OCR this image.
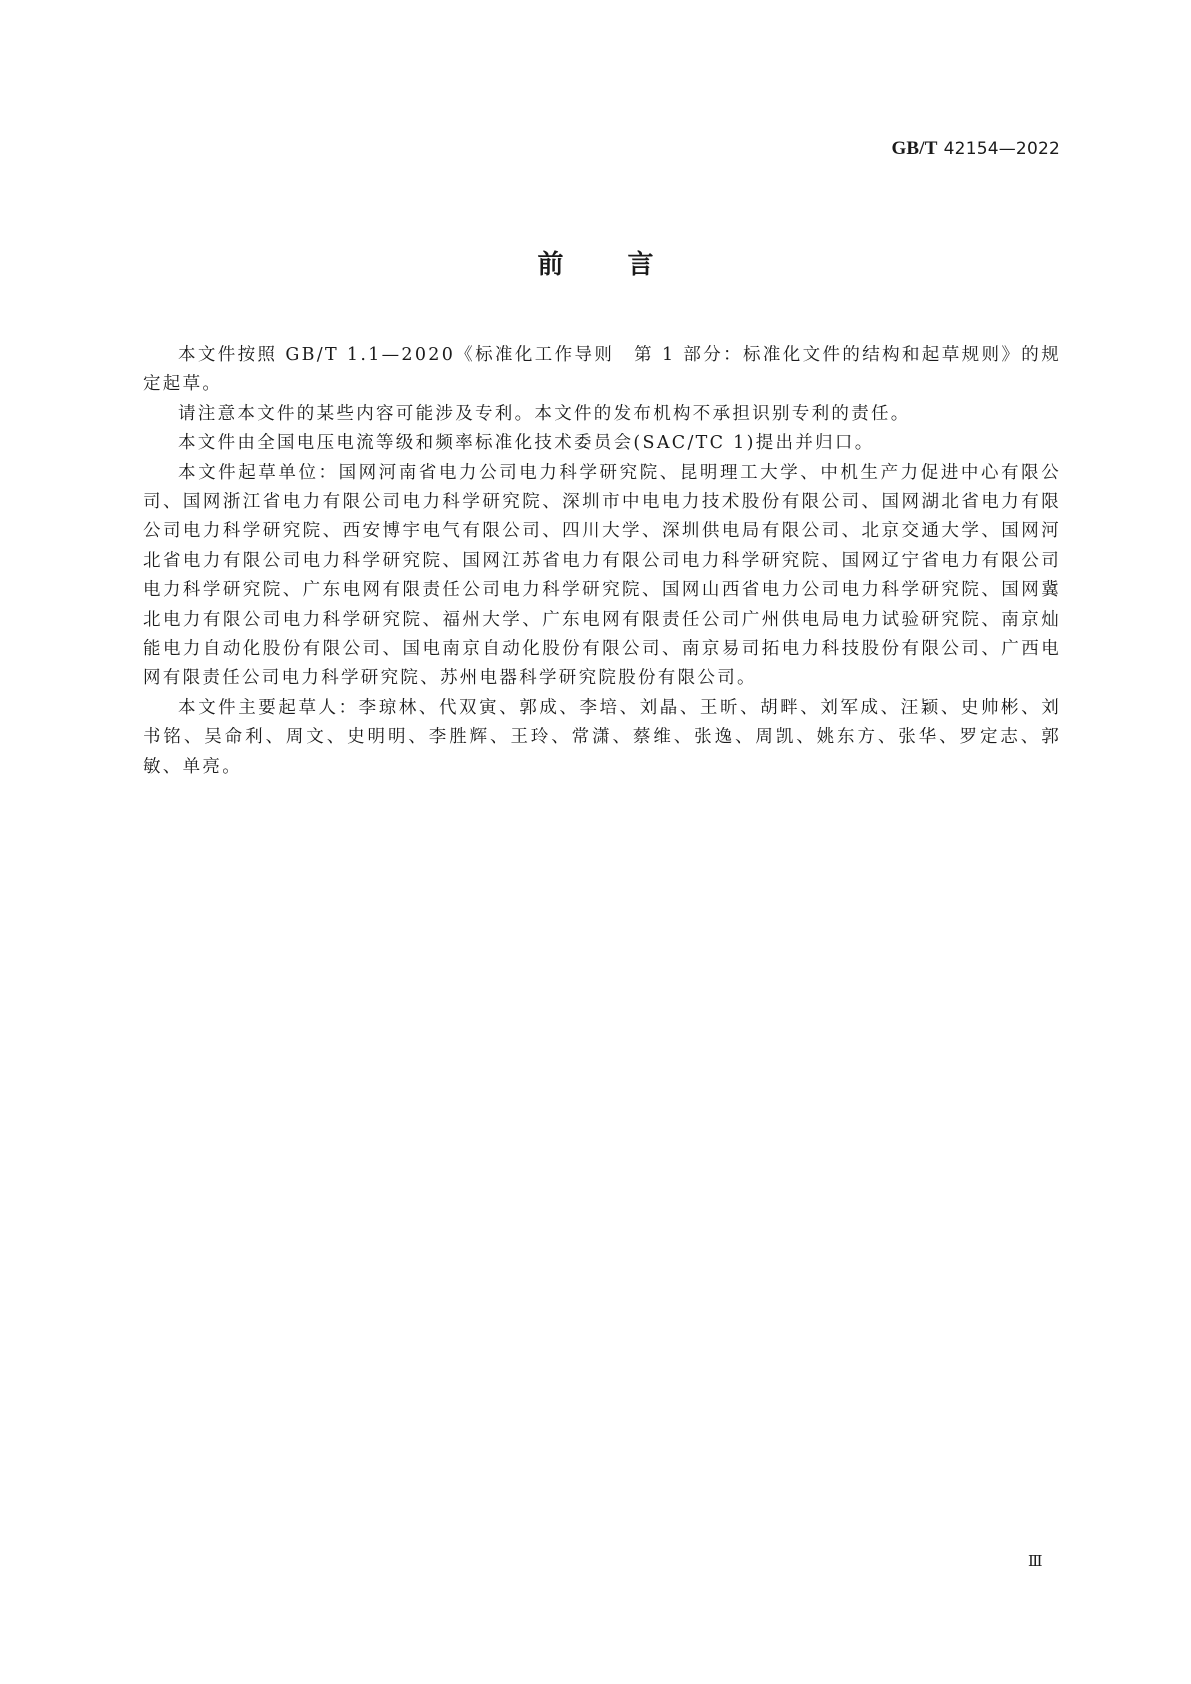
GB/T 42154—2022
前 言

本文件按照 GB/T 1.1—2020《标准化工作导则　第 1 部分：标准化文件的结构和起草规则》的规定起草。

请注意本文件的某些内容可能涉及专利。本文件的发布机构不承担识别专利的责任。

本文件由全国电压电流等级和频率标准化技术委员会(SAC/TC 1)提出并归口。

本文件起草单位：国网河南省电力公司电力科学研究院、昆明理工大学、中机生产力促进中心有限公司、国网浙江省电力有限公司电力科学研究院、深圳市中电电力技术股份有限公司、国网湖北省电力有限公司电力科学研究院、西安博宇电气有限公司、四川大学、深圳供电局有限公司、北京交通大学、国网河北省电力有限公司电力科学研究院、国网江苏省电力有限公司电力科学研究院、国网辽宁省电力有限公司电力科学研究院、广东电网有限责任公司电力科学研究院、国网山西省电力公司电力科学研究院、国网冀北电力有限公司电力科学研究院、福州大学、广东电网有限责任公司广州供电局电力试验研究院、南京灿能电力自动化股份有限公司、国电南京自动化股份有限公司、南京易司拓电力科技股份有限公司、广西电网有限责任公司电力科学研究院、苏州电器科学研究院股份有限公司。

本文件主要起草人：李琼林、代双寅、郭成、李培、刘晶、王昕、胡畔、刘军成、汪颖、史帅彬、刘书铭、吴命利、周文、史明明、李胜辉、王玲、常潇、蔡维、张逸、周凯、姚东方、张华、罗定志、郭敏、单亮。

Ⅲ
